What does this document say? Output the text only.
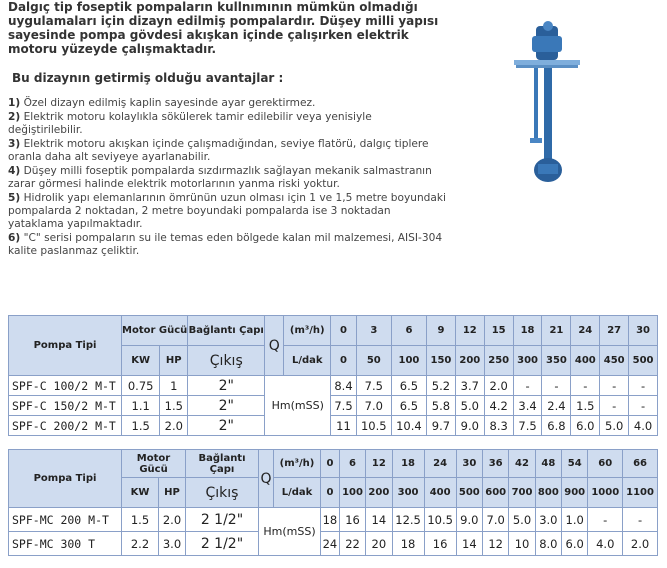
Dalgıç tip foseptik pompaların kullnımının mümkün olmadığı uygulamaları için dizayn edilmiş pompalardır. Düşey milli yapısı sayesinde pompa gövdesi akışkan içinde çalışırken elektrik motoru yüzeyde çalışmaktadır.
Bu dizaynın getirmiş olduğu avantajlar :

1) Özel dizayn edilmiş kaplin sayesinde ayar gerektirmez.

2) Elektrik motoru kolaylıkla sökülerek tamir edilebilir veya yenisiyle değiştirilebilir.

3) Elektrik motoru akışkan içinde çalışmadığından, seviye flatörü, dalgıç tiplere oranla daha alt seviyeye ayarlanabilir.

4) Düşey milli foseptik pompalarda sızdırmazlık sağlayan mekanik salmastranın zarar görmesi halinde elektrik motorlarının yanma riski yoktur.

5) Hidrolik yapı elemanlarının ömrünün uzun olması için 1 ve 1,5 metre boyundaki pompalarda 2 noktadan, 2 metre boyundaki pompalarda ise 3 noktadan yataklama yapılmaktadır.

6) "C" serisi pompaların su ile temas eden bölgede kalan mil malzemesi, AISI-304 kalite paslanmaz çeliktir.

Pompa Tipi	Motor Gücü		Bağlantı Çapı	Q	(m³/h)	0	3	6	9	12	15	18	21	24	27	30
	KW	HP	Çıkış		L/dak	0	50	100	150	200	250	300	350	400	450	500
SPF-C 100/2 M-T	0.75	1	2"	Hm(mSS)		8.4	7.5	6.5	5.2	3.7	2.0	-	-	-	-	-
SPF-C 150/2 M-T	1.1	1.5	2"			7.5	7.0	6.5	5.8	5.0	4.2	3.4	2.4	1.5	-	-
SPF-C 200/2 M-T	1.5	2.0	2"			11	10.5	10.4	9.7	9.0	8.3	7.5	6.8	6.0	5.0	4.0
Pompa Tipi	Motor Gücü		Bağlantı Çapı	Q	(m³/h)	0	6	12	18	24	30	36	42	48	54	60	66
	KW	HP	Çıkış		L/dak	0	100	200	300	400	500	600	700	800	900	1000	1100
SPF-MC 200 M-T	1.5	2.0	2 1/2"	Hm(mSS)		18	16	14	12.5	10.5	9.0	7.0	5.0	3.0	1.0	-	-
SPF-MC 300 T	2.2	3.0	2 1/2"			24	22	20	18	16	14	12	10	8.0	6.0	4.0	2.0
